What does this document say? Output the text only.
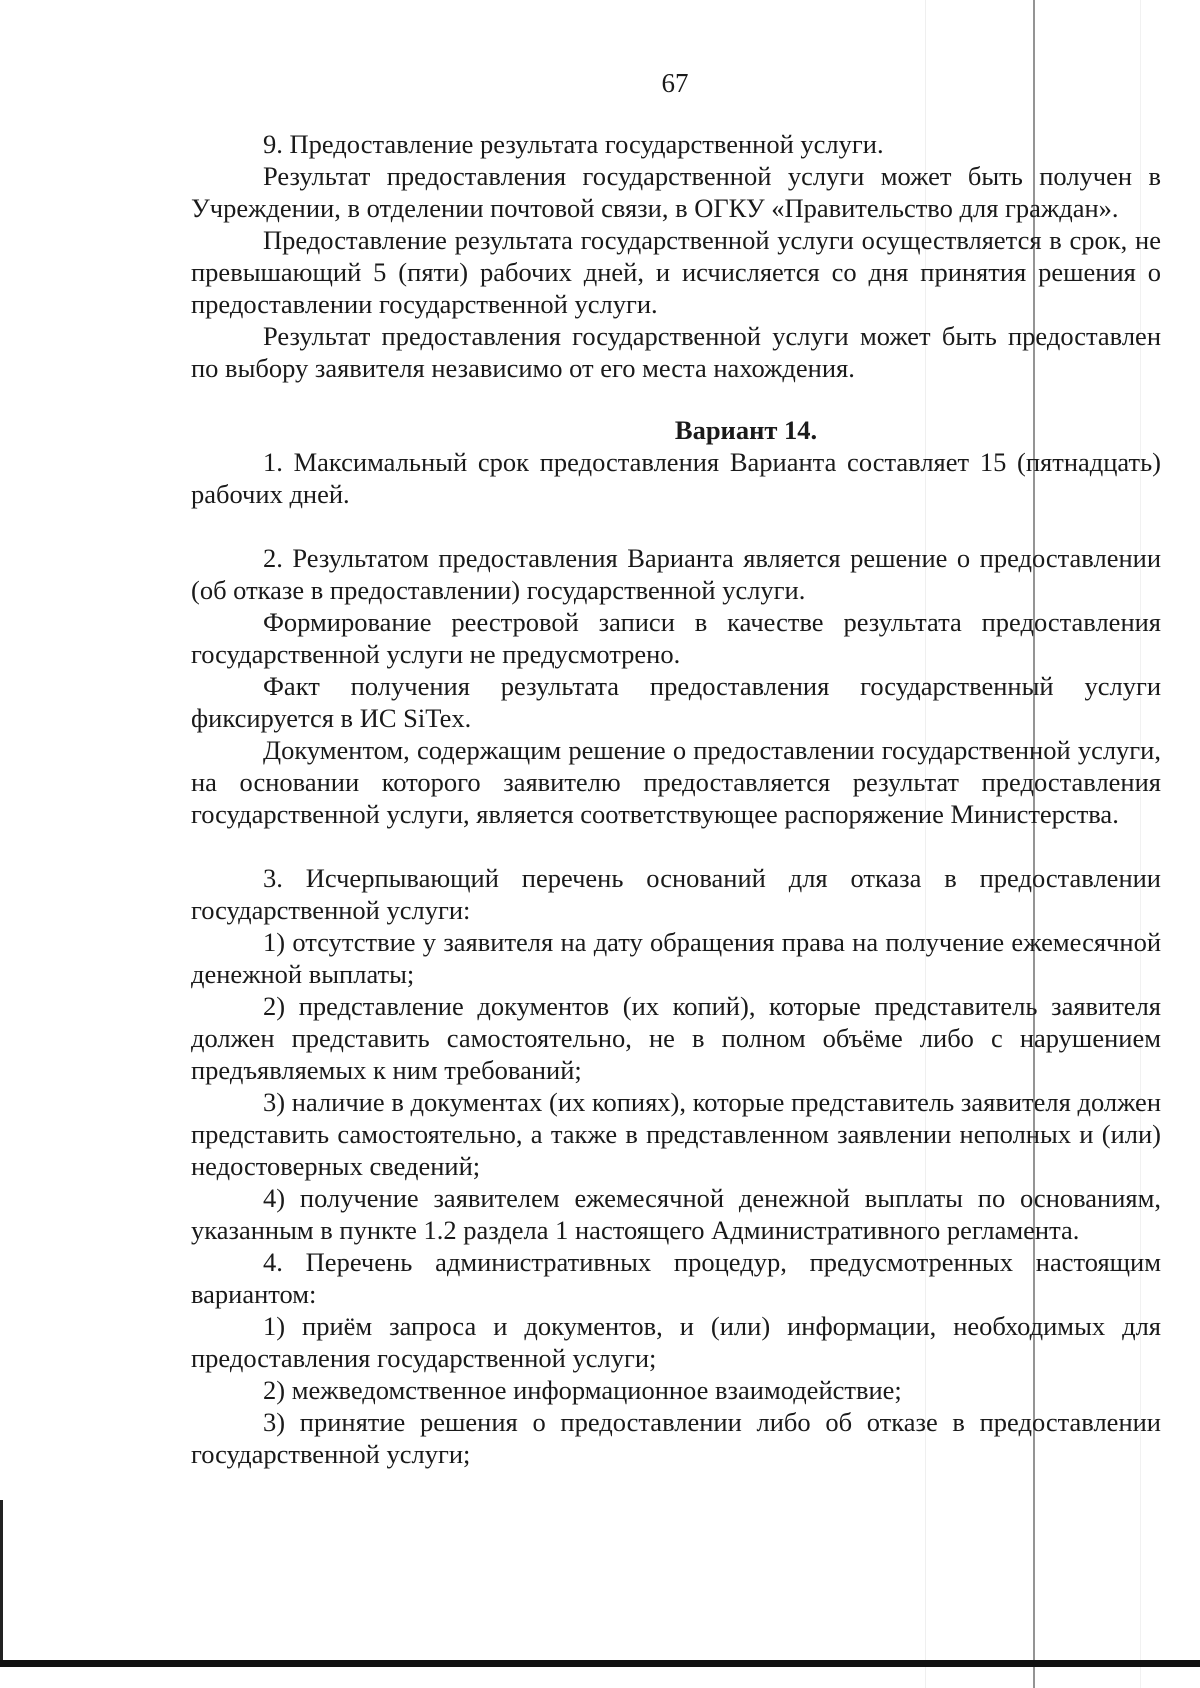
67

9. Предоставление результата государственной услуги.

Результат предоставления государственной услуги может быть получен в Учреждении, в отделении почтовой связи, в ОГКУ «Правительство для граждан».

Предоставление результата государственной услуги осуществляется в срок, не превышающий 5 (пяти) рабочих дней, и исчисляется со дня принятия решения о предоставлении государственной услуги.

Результат предоставления государственной услуги может быть предоставлен по выбору заявителя независимо от его места нахождения.

Вариант 14.

1. Максимальный срок предоставления Варианта составляет 15 (пятнадцать) рабочих дней.

2. Результатом предоставления Варианта является решение о предоставлении (об отказе в предоставлении) государственной услуги.

Формирование реестровой записи в качестве результата предоставления государственной услуги не предусмотрено.

Факт получения результата предоставления государственный услуги фиксируется в ИС SiTex.

Документом, содержащим решение о предоставлении государственной услуги, на основании которого заявителю предоставляется результат предоставления государственной услуги, является соответствующее распоряжение Министерства.

3. Исчерпывающий перечень оснований для отказа в предоставлении государственной услуги:

1) отсутствие у заявителя на дату обращения права на получение ежемесячной денежной выплаты;

2) представление документов (их копий), которые представитель заявителя должен представить самостоятельно, не в полном объёме либо с нарушением предъявляемых к ним требований;

3) наличие в документах (их копиях), которые представитель заявителя должен представить самостоятельно, а также в представленном заявлении неполных и (или) недостоверных сведений;

4) получение заявителем ежемесячной денежной выплаты по основаниям, указанным в пункте 1.2 раздела 1 настоящего Административного регламента.

4. Перечень административных процедур, предусмотренных настоящим вариантом:

1) приём запроса и документов, и (или) информации, необходимых для предоставления государственной услуги;

2) межведомственное информационное взаимодействие;

3) принятие решения о предоставлении либо об отказе в предоставлении государственной услуги;
